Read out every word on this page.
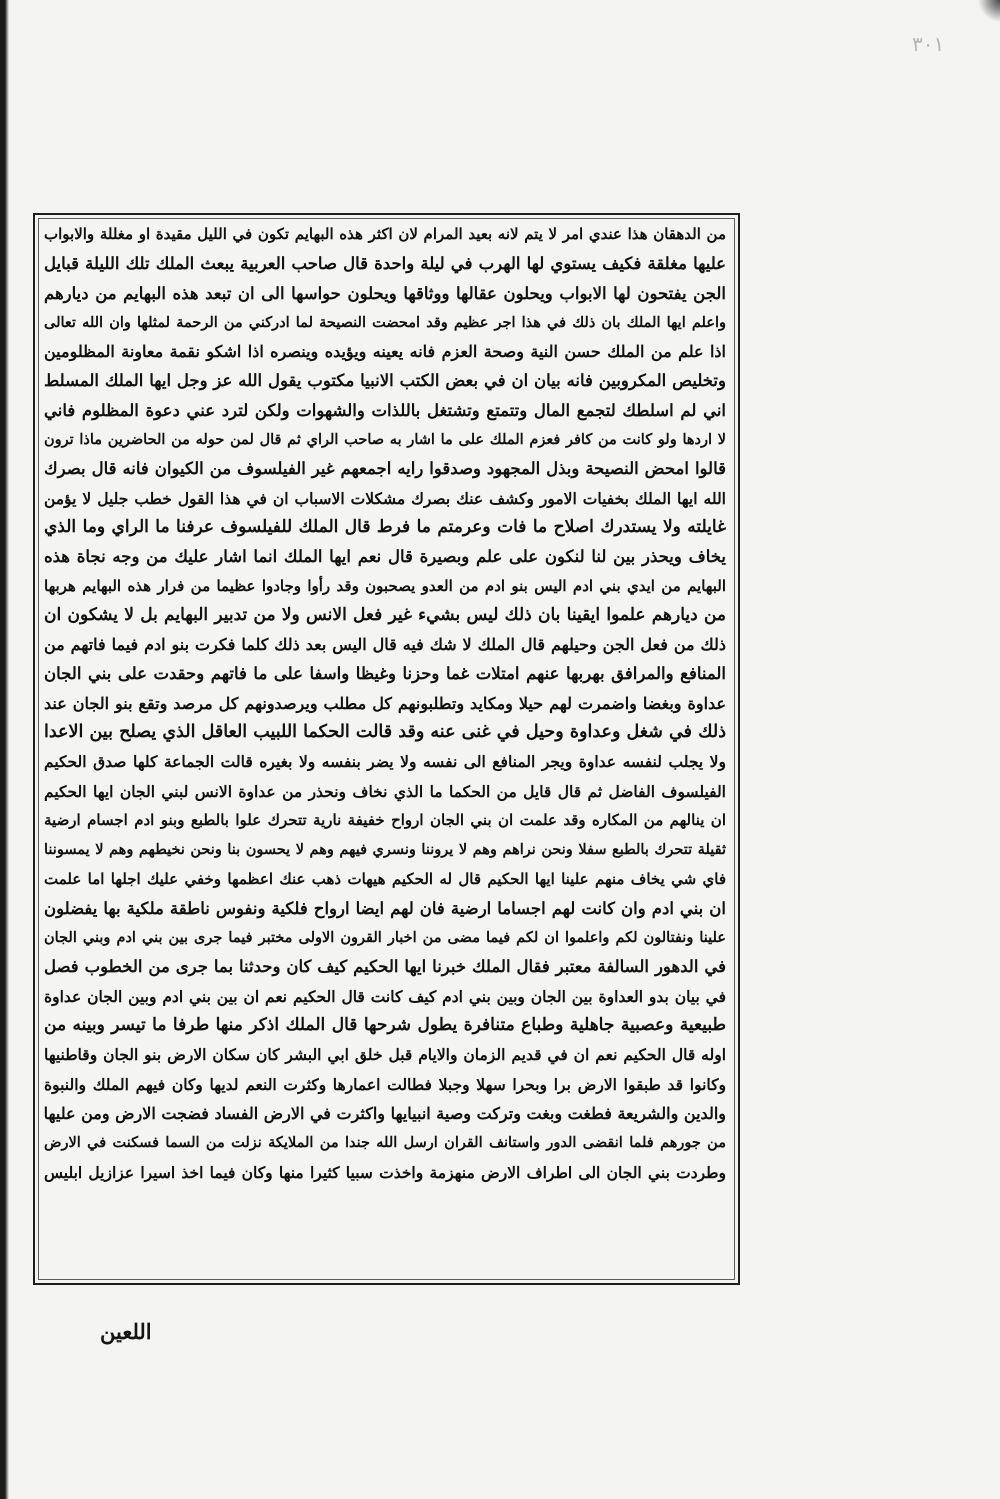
٣٠١
من الدهقان هذا عندي امر لا يتم لانه بعيد المرام لان اكثر هذه البهايم تكون في الليل مقيدة او مغللة والابواب
عليها مغلقة فكيف يستوي لها الهرب في ليلة واحدة قال صاحب العربية يبعث الملك تلك الليلة قبايل
الجن يفتحون لها الابواب ويحلون عقالها ووثاقها ويحلون حواسها الى ان تبعد هذه البهايم من ديارهم
واعلم ايها الملك بان ذلك في هذا اجر عظيم وقد امحضت النصيحة لما ادركني من الرحمة لمثلها وان الله تعالى
اذا علم من الملك حسن النية وصحة العزم فانه يعينه ويؤيده وينصره اذا اشكو نقمة معاونة المظلومين
وتخليص المكروبين فانه بيان ان في بعض الكتب الانبيا مكتوب يقول الله عز وجل ايها الملك المسلط
اني لم اسلطك لتجمع المال وتتمتع وتشتغل باللذات والشهوات ولكن لترد عني دعوة المظلوم فاني
لا اردها ولو كانت من كافر فعزم الملك على ما اشار به صاحب الراي ثم قال لمن حوله من الحاضرين ماذا ترون
قالوا امحض النصيحة وبذل المجهود وصدقوا رايه اجمعهم غير الفيلسوف من الكيوان فانه قال بصرك
الله ايها الملك بخفيات الامور وكشف عنك بصرك مشكلات الاسباب ان في هذا القول خطب جليل لا يؤمن
غايلته ولا يستدرك اصلاح ما فات وعرمتم ما فرط قال الملك للفيلسوف عرفنا ما الراي وما الذي
يخاف ويحذر بين لنا لنكون على علم وبصيرة قال نعم ايها الملك انما اشار عليك من وجه نجاة هذه
البهايم من ايدي بني ادم اليس بنو ادم من العدو يصحبون وقد رأوا وجادوا عظيما من فرار هذه البهايم هربها
من ديارهم علموا ايقينا بان ذلك ليس بشيء غير فعل الانس ولا من تدبير البهايم بل لا يشكون ان
ذلك من فعل الجن وحيلهم قال الملك لا شك فيه قال اليس بعد ذلك كلما فكرت بنو ادم فيما فاتهم من
المنافع والمرافق بهربها عنهم امتلات غما وحزنا وغيظا واسفا على ما فاتهم وحقدت على بني الجان
عداوة وبغضا واضمرت لهم حيلا ومكايد وتطلبونهم كل مطلب ويرصدونهم كل مرصد وتقع بنو الجان عند
ذلك في شغل وعداوة وحيل في غنى عنه وقد قالت الحكما اللبيب العاقل الذي يصلح بين الاعدا
ولا يجلب لنفسه عداوة ويجر المنافع الى نفسه ولا يضر بنفسه ولا بغيره قالت الجماعة كلها صدق الحكيم
الفيلسوف الفاضل ثم قال قايل من الحكما ما الذي نخاف ونحذر من عداوة الانس لبني الجان ايها الحكيم
ان ينالهم من المكاره وقد علمت ان بني الجان ارواح خفيفة نارية تتحرك علوا بالطبع وبنو ادم اجسام ارضية
ثقيلة تتحرك بالطبع سفلا ونحن نراهم وهم لا يروننا ونسري فيهم وهم لا يحسون بنا ونحن نخيطهم وهم لا يمسوننا
فاي شي يخاف منهم علينا ايها الحكيم قال له الحكيم هيهات ذهب عنك اعظمها وخفي عليك اجلها اما علمت
ان بني ادم وان كانت لهم اجساما ارضية فان لهم ايضا ارواح فلكية ونفوس ناطقة ملكية بها يفضلون
علينا ونفتالون لكم واعلموا ان لكم فيما مضى من اخبار القرون الاولى مختبر فيما جرى بين بني ادم وبني الجان
في الدهور السالفة معتبر فقال الملك خبرنا ايها الحكيم كيف كان وحدثنا بما جرى من الخطوب فصل
في بيان بدو العداوة بين الجان وبين بني ادم كيف كانت قال الحكيم نعم ان بين بني ادم وبين الجان عداوة
طبيعية وعصبية جاهلية وطباع متنافرة يطول شرحها قال الملك اذكر منها طرفا ما تيسر وبينه من
اوله قال الحكيم نعم ان في قديم الزمان والايام قبل خلق ابي البشر كان سكان الارض بنو الجان وقاطنيها
وكانوا قد طبقوا الارض برا وبحرا سهلا وجبلا فطالت اعمارها وكثرت النعم لديها وكان فيهم الملك والنبوة
والدين والشريعة فطغت وبغت وتركت وصية انبيايها واكثرت في الارض الفساد فضجت الارض ومن عليها
من جورهم فلما انقضى الدور واستانف القران ارسل الله جندا من الملايكة نزلت من السما فسكنت في الارض
وطردت بني الجان الى اطراف الارض منهزمة واخذت سبيا كثيرا منها وكان فيما اخذ اسيرا عزازيل ابليس
اللعين
